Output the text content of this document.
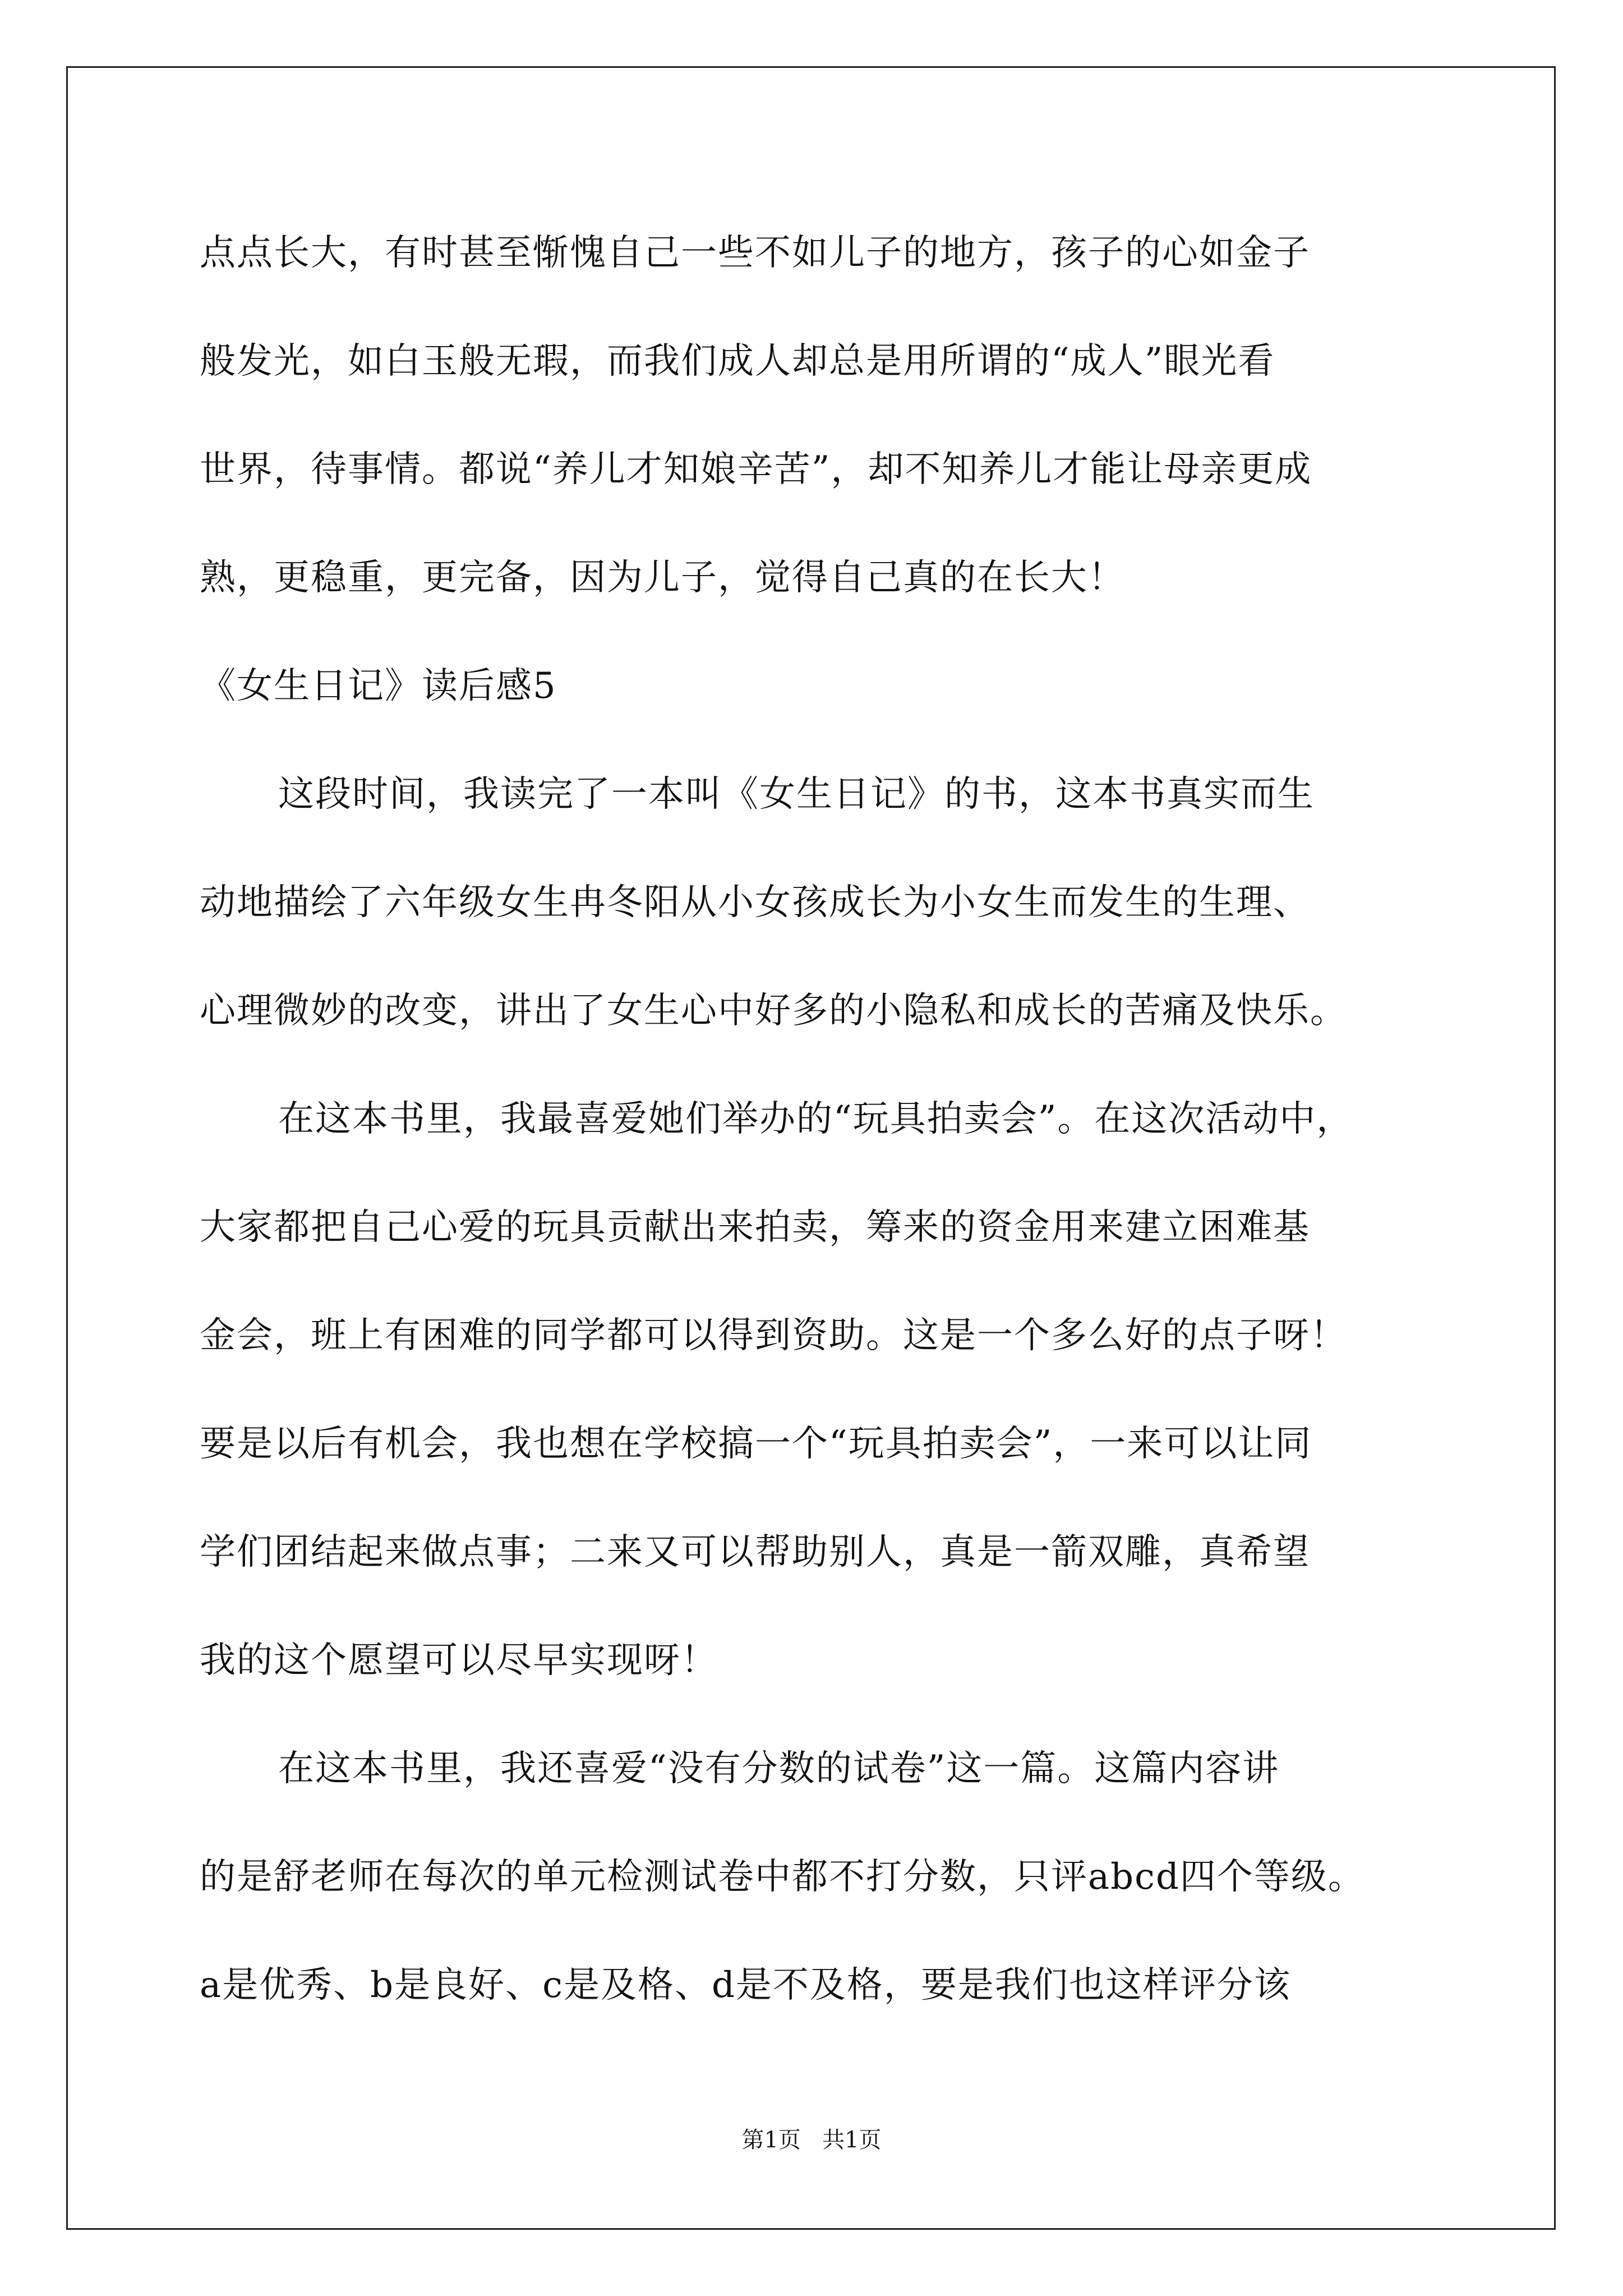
点点长大，有时甚至惭愧自己一些不如儿子的地方，孩子的心如金子
般发光，如白玉般无瑕，而我们成人却总是用所谓的“成人”眼光看
世界，待事情。都说“养儿才知娘辛苦”，却不知养儿才能让母亲更成
熟，更稳重，更完备，因为儿子，觉得自己真的在长大！
《女生日记》读后感5
这段时间，我读完了一本叫《女生日记》的书，这本书真实而生
动地描绘了六年级女生冉冬阳从小女孩成长为小女生而发生的生理、
心理微妙的改变，讲出了女生心中好多的小隐私和成长的苦痛及快乐。
在这本书里，我最喜爱她们举办的“玩具拍卖会”。在这次活动中，
大家都把自己心爱的玩具贡献出来拍卖，筹来的资金用来建立困难基
金会，班上有困难的同学都可以得到资助。这是一个多么好的点子呀！
要是以后有机会，我也想在学校搞一个“玩具拍卖会”，一来可以让同
学们团结起来做点事；二来又可以帮助别人，真是一箭双雕，真希望
我的这个愿望可以尽早实现呀！
在这本书里，我还喜爱“没有分数的试卷”这一篇。这篇内容讲
的是舒老师在每次的单元检测试卷中都不打分数，只评abcd四个等级。
a是优秀、b是良好、c是及格、d是不及格，要是我们也这样评分该
第1页   共1页
